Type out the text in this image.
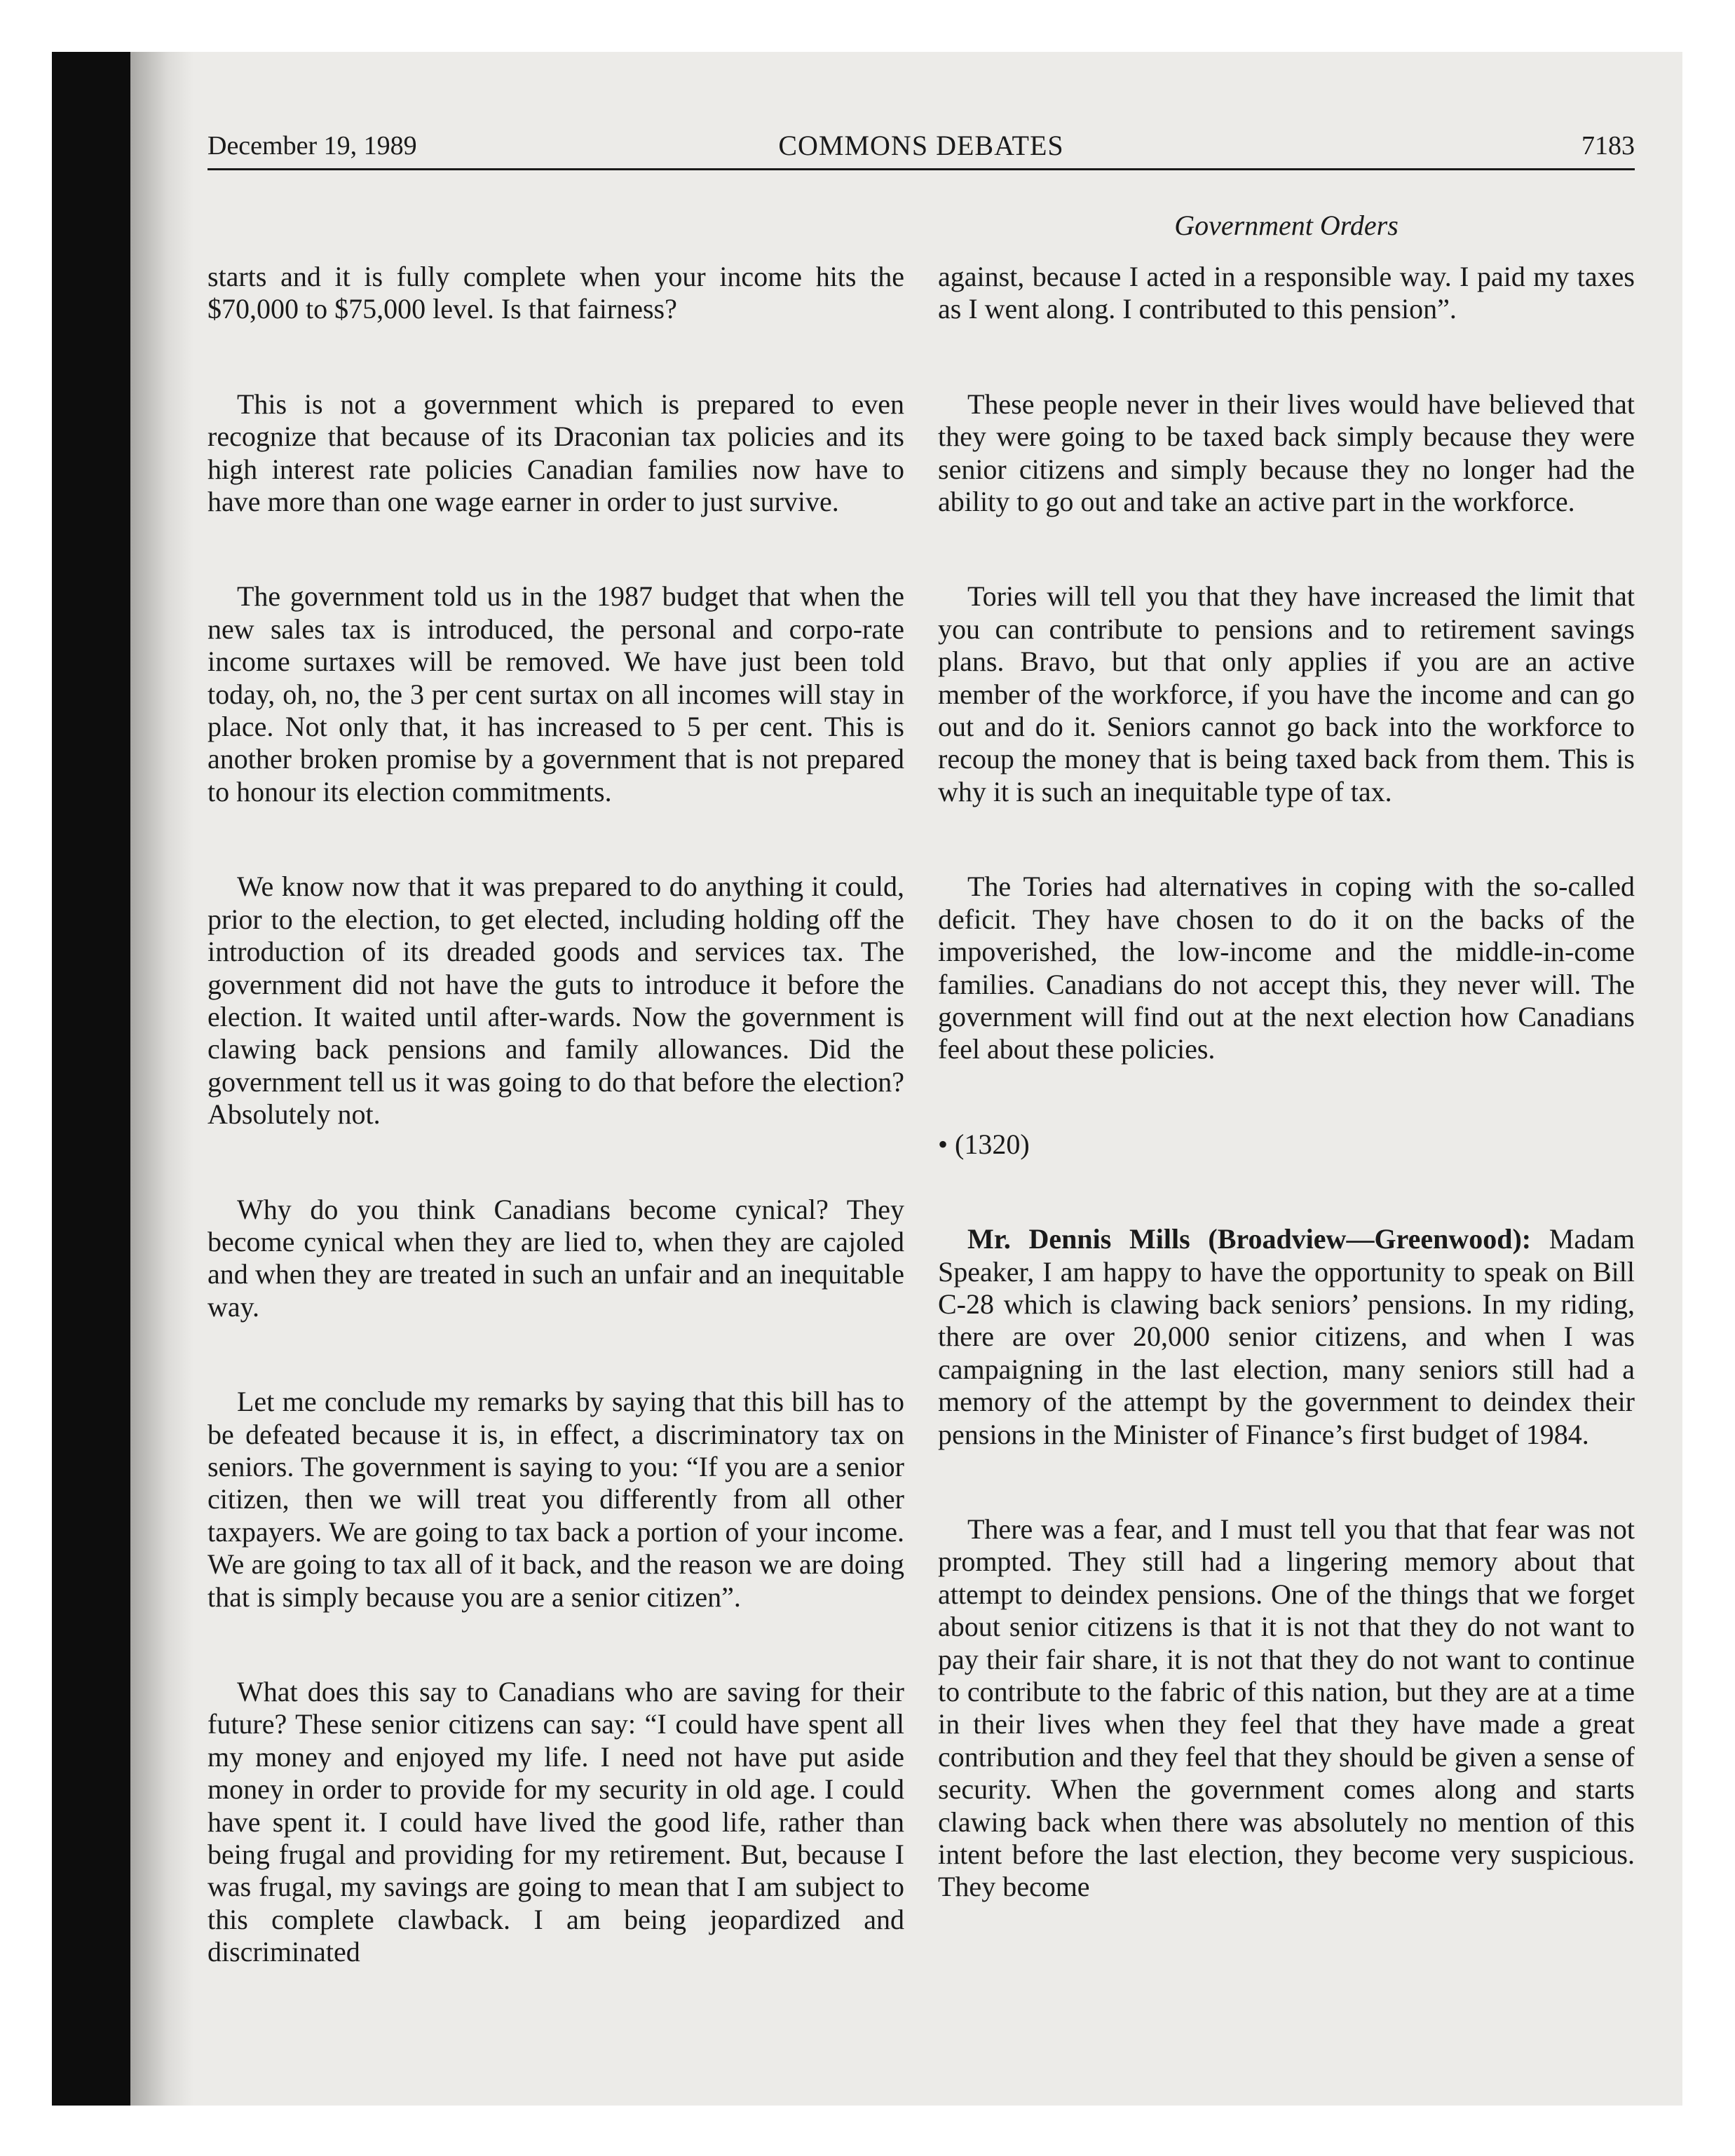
December 19, 1989	COMMONS DEBATES	7183
Government Orders

starts and it is fully complete when your income hits the $70,000 to $75,000 level. Is that fairness?

This is not a government which is prepared to even recognize that because of its Draconian tax policies and its high interest rate policies Canadian families now have to have more than one wage earner in order to just survive.

The government told us in the 1987 budget that when the new sales tax is introduced, the personal and corpo-rate income surtaxes will be removed. We have just been told today, oh, no, the 3 per cent surtax on all incomes will stay in place. Not only that, it has increased to 5 per cent. This is another broken promise by a government that is not prepared to honour its election commitments.

We know now that it was prepared to do anything it could, prior to the election, to get elected, including holding off the introduction of its dreaded goods and services tax. The government did not have the guts to introduce it before the election. It waited until after-wards. Now the government is clawing back pensions and family allowances. Did the government tell us it was going to do that before the election? Absolutely not.

Why do you think Canadians become cynical? They become cynical when they are lied to, when they are cajoled and when they are treated in such an unfair and an inequitable way.

Let me conclude my remarks by saying that this bill has to be defeated because it is, in effect, a discriminatory tax on seniors. The government is saying to you: “If you are a senior citizen, then we will treat you differently from all other taxpayers. We are going to tax back a portion of your income. We are going to tax all of it back, and the reason we are doing that is simply because you are a senior citizen”.

What does this say to Canadians who are saving for their future? These senior citizens can say: “I could have spent all my money and enjoyed my life. I need not have put aside money in order to provide for my security in old age. I could have spent it. I could have lived the good life, rather than being frugal and providing for my retirement. But, because I was frugal, my savings are going to mean that I am subject to this complete clawback. I am being jeopardized and discriminated

against, because I acted in a responsible way. I paid my taxes as I went along. I contributed to this pension”.

These people never in their lives would have believed that they were going to be taxed back simply because they were senior citizens and simply because they no longer had the ability to go out and take an active part in the workforce.

Tories will tell you that they have increased the limit that you can contribute to pensions and to retirement savings plans. Bravo, but that only applies if you are an active member of the workforce, if you have the income and can go out and do it. Seniors cannot go back into the workforce to recoup the money that is being taxed back from them. This is why it is such an inequitable type of tax.

The Tories had alternatives in coping with the so-called deficit. They have chosen to do it on the backs of the impoverished, the low-income and the middle-in-come families. Canadians do not accept this, they never will. The government will find out at the next election how Canadians feel about these policies.

• (1320)

Mr. Dennis Mills (Broadview—Greenwood): Madam Speaker, I am happy to have the opportunity to speak on Bill C-28 which is clawing back seniors’ pensions. In my riding, there are over 20,000 senior citizens, and when I was campaigning in the last election, many seniors still had a memory of the attempt by the government to deindex their pensions in the Minister of Finance’s first budget of 1984.

There was a fear, and I must tell you that that fear was not prompted. They still had a lingering memory about that attempt to deindex pensions. One of the things that we forget about senior citizens is that it is not that they do not want to pay their fair share, it is not that they do not want to continue to contribute to the fabric of this nation, but they are at a time in their lives when they feel that they have made a great contribution and they feel that they should be given a sense of security. When the government comes along and starts clawing back when there was absolutely no mention of this intent before the last election, they become very suspicious. They become
